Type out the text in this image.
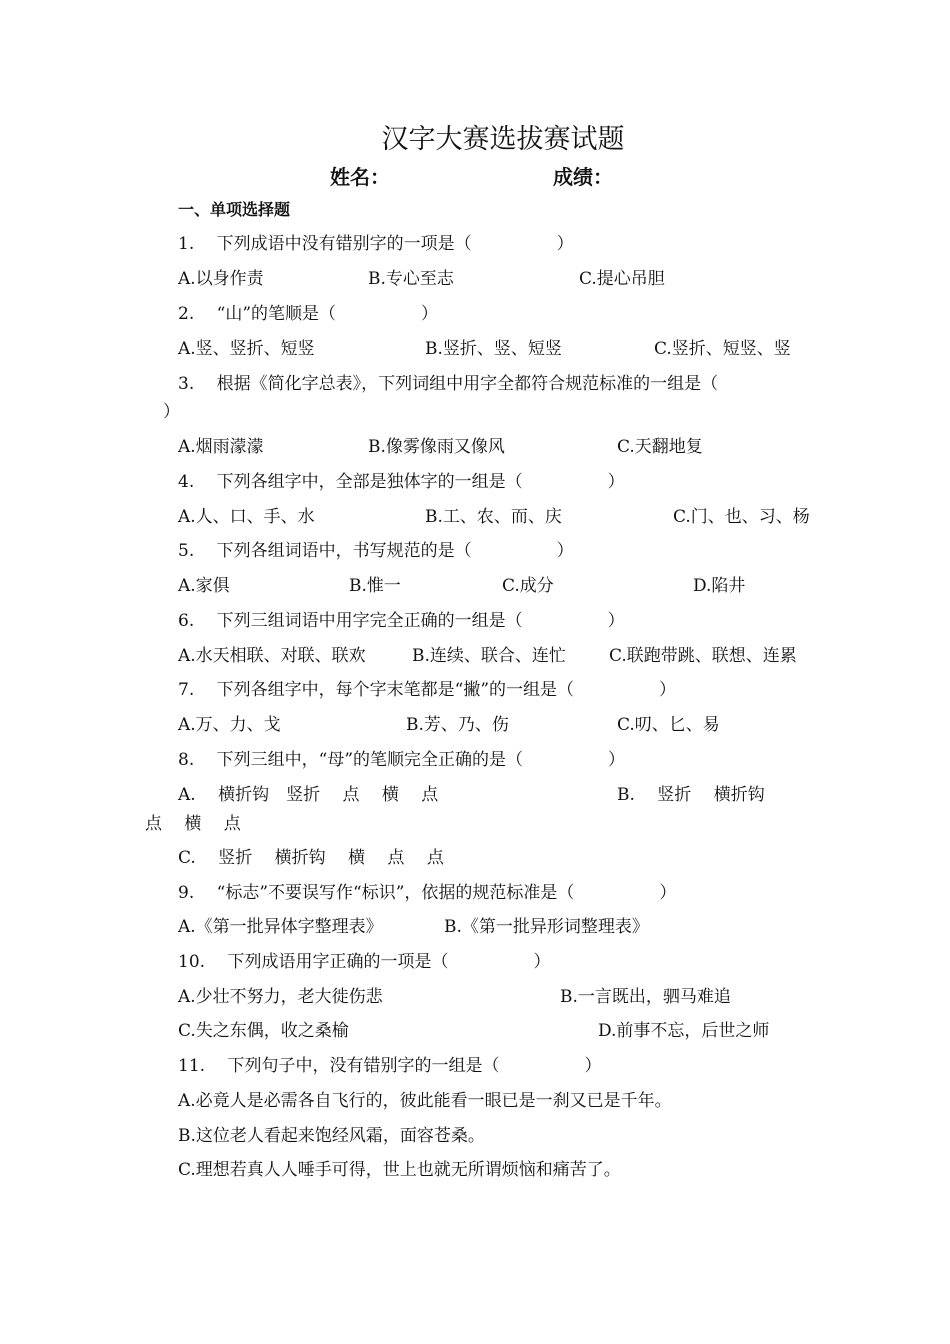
汉字大赛选拔赛试题
姓名：	成绩：
一、单项选择题
1.　 下列成语中没有错别字的一项是（　　　　　）
A.以身作责	B.专心至志	C.提心吊胆
2.　 “山”的笔顺是（　　　　　）
A.竖、竖折、短竖	B.竖折、竖、短竖	C.竖折、短竖、竖
3.　 根据《简化字总表》，下列词组中用字全都符合规范标准的一组是（
）
A.烟雨濛濛	B.像雾像雨又像风	C.天翻地复
4.　 下列各组字中，全部是独体字的一组是（　　　　　）
A.人、口、手、水	B.工、农、而、庆	C.门、也、习、杨
5.　 下列各组词语中，书写规范的是（　　　　　）
A.家俱	B.惟一	C.成分	D.陷井
6.　 下列三组词语中用字完全正确的一组是（　　　　　）
A.水天相联、对联、联欢	B.连续、联合、连忙	C.联跑带跳、联想、连累
7.　 下列各组字中，每个字末笔都是“撇”的一组是（　　　　　）
A.万、力、戈	B.芳、乃、伤	C.叨、匕、易
8.　 下列三组中，“母”的笔顺完全正确的是（　　　　　）
A.　 横折钩　竖折　 点　 横　 点	B.　 竖折　 横折钩
点　 横　 点
C.　 竖折　 横折钩　 横　 点　 点
9.　 “标志”不要误写作“标识”，依据的规范标准是（　　　　　）
A.《第一批异体字整理表》	B.《第一批异形词整理表》
10.　 下列成语用字正确的一项是（　　　　　）
A.少壮不努力，老大徙伤悲	B.一言既出，驷马难追
C.失之东偶，收之桑榆	D.前事不忘，后世之师
11.　 下列句子中，没有错别字的一组是（　　　　　）
A.必竟人是必需各自飞行的，彼此能看一眼已是一刹又已是千年。
B.这位老人看起来饱经风霜，面容苍桑。
C.理想若真人人唾手可得，世上也就无所谓烦恼和痛苦了。
